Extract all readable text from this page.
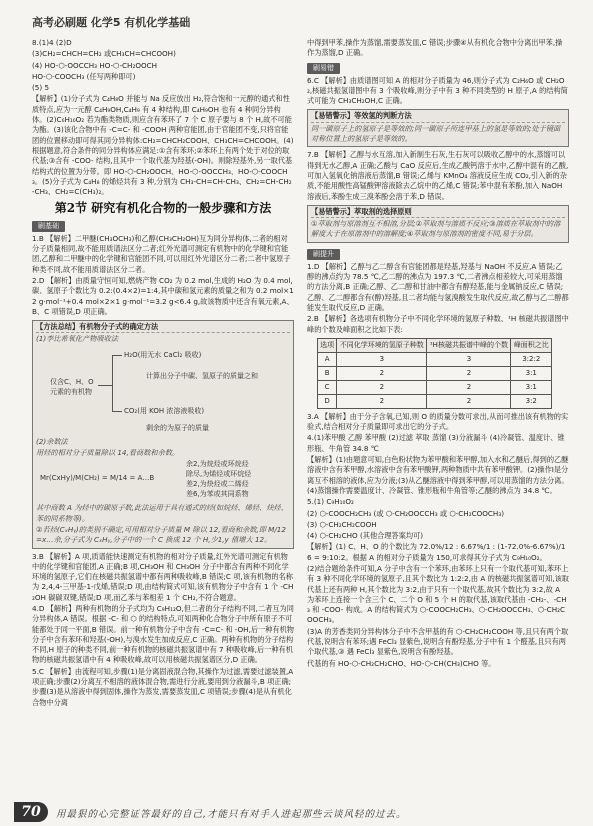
高考必刷题 化学5 有机化学基础

8.(1)4 (2)D

(3)CH₂=CHCH=CH₂ 或CH₃CH=CHCOOH)

(4) HO-⬡-OOCCH₃ HO-⬡-CH₂OOCH

HO-⬡-COOCH₃ (任写两种即可)

(5) 5

【解析】(1)分子式为 C₄H₈O 并能与 Na 反应放出 H₂,符合饱和一元醇的通式和性质特点,应为一元醇 C₄H₉OH,C₄H₉ 有 4 种结构,即 C₄H₉OH 也有 4 种同分异构体。(2)C₆H₁₀O₂ 若为酯类物质,则应含有苯环了 7 个 C 原子要与 8 个 H,故不可能为酯。(3)该化合物中有 -C=C- 和 -COOH 两种官能团,由于官能团不变,只将官能团的位置移动即可得其同分异构体:CH₂=CHCH₂COOH、CH₃CH=CHCOOH。(4)根据题意,符合条件的同分异构体应满足:①含有苯环;②苯环上有两个处于对位的取代基;③含有 -COO- 结构,且其中一个取代基为羟基(-OH)。则除羟基外,另一取代基结构式的位置为分带。即 HO-⬡-CH₂OOCH、HO-⬡-OOCCH₃、HO-⬡-COOCH₃。(5)分子式为 C₄H₈ 的烯烃共有 3 种,分别为 CH₃-CH=CH-CH₃、CH₂=CH-CH₂-CH₃、CH₂=C(CH₃)₂。

第2节 研究有机化合物的一般步骤和方法
刷基础

1.B 【解析】二甲醚(CH₃OCH₃)和乙醇(CH₃CH₂OH)互为同分异构体,二者的相对分子质量相同,故不能用质谱法区分二者;红外光谱可测定有机物中的化学键和官能团,乙醇和二甲醚中的化学键和官能团不同,可以用红外光谱区分二者;二者中氢原子种类不同,故不能用质谱法区分二者。

2.D 【解析】由质量守恒可知,燃烧产物 CO₂ 为 0.2 mol,生成的 H₂O 为 0.4 mol,碳、氢原子个数比为 0.2:(0.4×2)=1:4,其中碳和氢元素的质量之和为 0.2 mol×12 g·mol⁻¹+0.4 mol×2×1 g·mol⁻¹=3.2 g<6.4 g,故该物质中还含有氧元素,A、B、C 项错误,D 项正确。

【方法总结】有机物分子式的确定方法

(1)李比希氧化产物吸收法

仅含C、H、O元素的有机物
H₂O(用无水 CaCl₂ 吸收)
CO₂(用 KOH 浓溶液吸收)
计算出分子中碳、氢原子的质量之和
剩余的为原子的质量

(2)余数法

用烃的相对分子质量除以 14,看商数和余数。

Mr(CxHy)/M(CH₂) = M/14 = A…B
余2,为烷烃或环烷烃
除尽,为烯烃或环烷烃
差2,为炔烃或二烯烃
差6,为苯或其同系物

其中商数 A 为烃中的碳原子数,此法运用于具有通式的烃(如烷烃、烯烃、炔烃、苯的同系物等)。

②若烃(CₓHᵧ)的类别不确定,可用相对分子质量 M 除以 12,看商和余数,即 M/12=x…余,分子式为 CₓHᵧ,分子中的一个 C 换成 12 个 H,少1,y 值增大 12。

3.B 【解析】A 项,质谱能快速测定有机物的相对分子质量,红外光谱可测定有机物中的化学键和官能团,A 正确;B 项,CH₃OH 和 CH₃OH 分子中都含有两种不同化学环境的氢原子,它们在核磁共振氢谱中都有两种吸收峰,B 错误;C 项,该有机物的名称为 2,4,4-三甲基-1-戊烯,错误;D 项,由结构简式可知,该有机物分子中含有 1 个 -CH₂OH 碳碳双键,错误;D 项,而乙苯与苯相差 1 个 CH₂,不符合题意。

4.D 【解析】两种有机物的分子式均为 C₉H₁₂O,但二者的分子结构不同,二者互为同分异构体,A 错误。根据 -C- 和 ⬡ 的结构特点,可知两种化合物分子中所有原子不可能都处于同一平面,B 错误。前一种有机物分子中含有 -C=C- 和 -OH,后一种有机物分子中含有苯环和羟基(-OH),与溴水发生加成反应,C 正确。两种有机物的分子结构不同,H 原子的种类不同,前一种有机物的核磁共振氢谱中有 7 种吸收峰,后一种有机物的核磁共振氢谱中有 4 种吸收峰,故可以用核磁共振氢谱区分,D 正确。

5.C 【解析】由流程可知,步骤(1)是分离固液混合物,其操作为过滤,需要过滤装置,A 项正确;步骤(2)分离互不相溶的液体混合物,需进行分液,要用到分液漏斗,B 项正确;步骤(3)是从溶液中得到固体,操作为蒸发,需要蒸发皿,C 项错误;步骤(4)是从有机化合物中分离

中得到甲苯,操作为蒸馏,需要蒸发皿,C 错误;步骤④从有机化合物中分离出甲苯,操作为蒸馏,D 正确。

刷易错

6.C 【解析】由质谱图可知 A 的相对分子质量为 46,则分子式为 C₂H₆O 或 CH₂O₂,核磁共振氢谱图中有 3 个吸收峰,则分子中有 3 种不同类型的 H 原子,A 的结构简式可能为 CH₃CH₂OH,C 正确。

【易错警示】等效氢的判断方法

同一碳原子上的氢原子是等效的;同一碳原子所连甲基上的氢是等效的;处于镜面对称位置上的氢原子是等效的。

7.B 【解析】乙醇与水互溶,加入新制生石灰,生石灰可以吸收乙醇中的水,蒸馏可以得到无水乙醇,A 正确;乙酸与 CaO 反应后,生成乙酸钙溶于水中,乙醇中混有的乙酸,可加入氢氧化钠溶液后蒸馏,B 错误;乙烯与 KMnO₄ 溶液反应生成 CO₂,引入新的杂质,不能用酸性高锰酸钾溶液除去乙烷中的乙烯,C 错误;苯中混有苯酚,加入 NaOH 溶液后,苯酚生成三溴苯酚会溶于苯,D 错误。

【易错警示】萃取剂的选择原则

①萃取剂与原溶剂互不相溶,分层;②萃取剂与溶质不反应;③溶质在萃取剂中的溶解度大于在原溶剂中的溶解度;④萃取剂与原溶剂的密度不同,易于分层。

刷提升

1.D 【解析】乙醇与乙二醇含有官能团都是羟基,羟基与 NaOH 不反应,A 错误;乙醇的沸点约为 78.5 ℃,乙二醇的沸点为 197.3 ℃,二者沸点相差较大,可采用蒸馏的方法分离,B 正确;乙醇、乙二醇和甘油中都含有醇羟基,能与金属钠反应,C 错误;乙醇、乙二醇都含有(醇)羟基,且二者均能与氢溴酸发生取代反应,故乙醇与乙二醇都能发生取代反应,D 正确。

2.B 【解析】各选项有机物分子中不同化学环境的氢原子种数、¹H 核磁共振谱图中峰的个数及峰面积之比如下表:

选项	不同化学环境的氢原子种数	¹H核磁共振谱中峰的个数	峰面积之比
A	3	3	3:2:2
B	2	2	3:1
C	2	2	3:1
D	2	2	3:2

3.A 【解析】由于分子含氧,已知,则 O 的质量分数可求出,从而可推出该有机物的实验式,结合相对分子质量即可求出它的分子式。

4.(1)苯甲酸 乙醇 苯甲酸 (2)过滤 萃取 蒸馏 (3)分液漏斗 (4)冷凝管、温度计、锥形瓶、牛角管 34.8 ℃

【解析】(1)由题意可知,白色粉状物为苯甲酸和苯甲醇,加入水和乙醚后,得到的乙醚溶液中含有苯甲醇,水溶液中含有苯甲酸钾,两种物质中共有苯甲酸钾。(2)操作Ⅰ是分离互不相溶的液体,应为分液;(3)从乙醚溶液中得到苯甲醇,可以用蒸馏的方法分离。(4)蒸馏操作需要温度计、冷凝管、锥形瓶和牛角管等;乙醚的沸点为 34.8 ℃。

5.(1) C₉H₁₀O₂

(2) ⬡-COOCH₂CH₃ (或 ⬡-CH₂OOCCH₃ 或 ⬡-CH₂COOCH₃)

(3) ⬡-CH₂CH₂COOH

(4) ⬡-CH₂CHO (其他合理答案均可)

【解析】(1) C、H、O 的个数比为 72.0%/12 : 6.67%/1 : (1-72.0%-6.67%)/16 = 9:10:2。根据 A 的相对分子质量为 150,可求得其分子式为 C₉H₁₀O₂。

(2)结合题给条件可知,A 分子中含有一个苯环,由苯环上只有一个取代基可知,苯环上有 3 种不同化学环境的氢原子,且其个数比为 1:2:2,由 A 的核磁共振氢谱可知,该取代基上还有两种 H,其个数比为 3:2,由于只有一个取代基,故其个数比为 3:2,故 A 为苯环上连接一个含三个 C、二个 O 和 5 个 H 的取代基,该取代基由 -CH₂-、-CH₃ 和 -COO- 构成。A 的结构简式为 ⬡-COOCH₂CH₃、⬡-CH₂OOCCH₃、⬡-CH₂COOCH₃。

(3)A 的芳香类同分异构体分子中不含甲基的有 ⬡-CH₂CH₂COOH 等,且只有两个取代基,说明含有苯环;遇 FeCl₃ 显紫色,说明含有酚羟基,分子中有 1 个醛基,且只有两个取代基,③ 遇 FeCl₃ 显紫色,说明含有酚羟基。

代基的有 HO-⬡-CH₂CH₂CHO、HO-⬡-CH(CH₃)CHO 等。

70	用最狠的心完整证答最好的自己,才能只有对手人进起那些云谈风轻的过去。
